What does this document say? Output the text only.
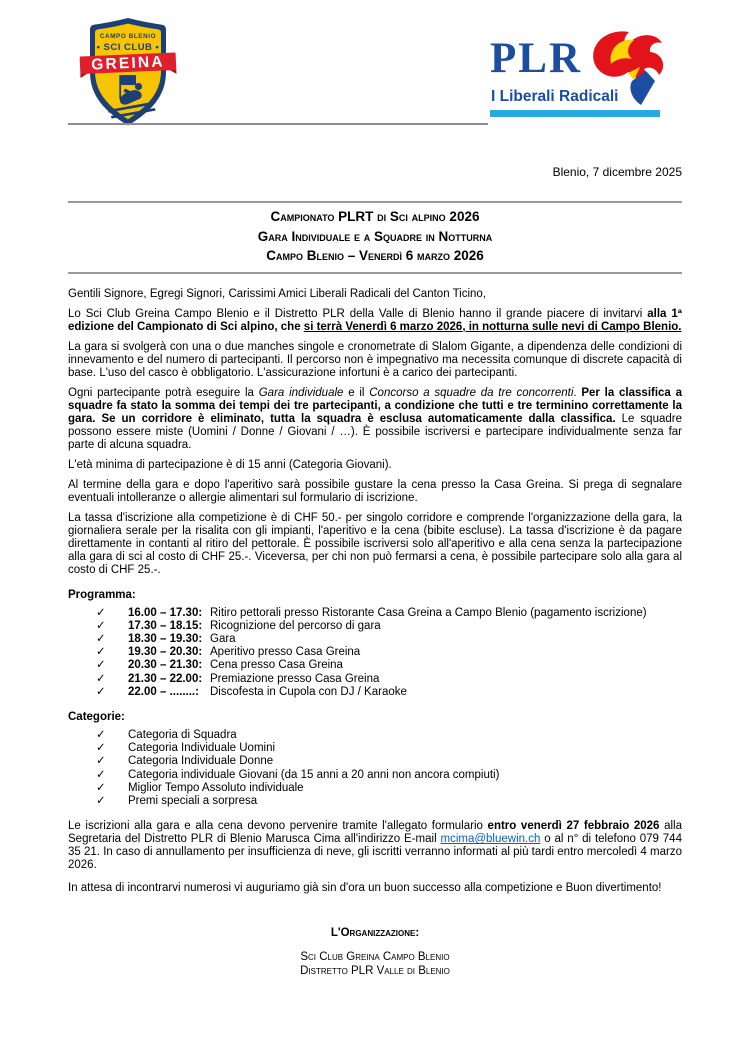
CAMPO BLENIO
• SCI CLUB •
GREINA	PLR
I Liberali Radicali
Blenio, 7 dicembre 2025
Campionato PLRT di Sci alpino 2026
Gara Individuale e a Squadre in Notturna
Campo Blenio – Venerdì 6 marzo 2026

Gentili Signore, Egregi Signori, Carissimi Amici Liberali Radicali del Canton Ticino,

Lo Sci Club Greina Campo Blenio e il Distretto PLR della Valle di Blenio hanno il grande piacere di invitarvi alla 1ª edizione del Campionato di Sci alpino, che si terrà Venerdì 6 marzo 2026, in notturna sulle nevi di Campo Blenio.

La gara si svolgerà con una o due manches singole e cronometrate di Slalom Gigante, a dipendenza delle condizioni di innevamento e del numero di partecipanti. Il percorso non è impegnativo ma necessita comunque di discrete capacità di base. L'uso del casco è obbligatorio. L'assicurazione infortuni è a carico dei partecipanti.

Ogni partecipante potrà eseguire la Gara individuale e il Concorso a squadre da tre concorrenti. Per la classifica a squadre fa stato la somma dei tempi dei tre partecipanti, a condizione che tutti e tre terminino correttamente la gara. Se un corridore è eliminato, tutta la squadra è esclusa automaticamente dalla classifica. Le squadre possono essere miste (Uomini / Donne / Giovani / …). È possibile iscriversi e partecipare individualmente senza far parte di alcuna squadra.

L'età minima di partecipazione è di 15 anni (Categoria Giovani).

Al termine della gara e dopo l'aperitivo sarà possibile gustare la cena presso la Casa Greina. Si prega di segnalare eventuali intolleranze o allergie alimentari sul formulario di iscrizione.

La tassa d'iscrizione alla competizione è di CHF 50.- per singolo corridore e comprende l'organizzazione della gara, la giornaliera serale per la risalita con gli impianti, l'aperitivo e la cena (bibite escluse). La tassa d'iscrizione è da pagare direttamente in contanti al ritiro del pettorale. È possibile iscriversi solo all'aperitivo e alla cena senza la partecipazione alla gara di sci al costo di CHF 25.-. Viceversa, per chi non può fermarsi a cena, è possibile partecipare solo alla gara al costo di CHF 25.-.

Programma:
✓	16.00 – 17.30: Ritiro pettorali presso Ristorante Casa Greina a Campo Blenio (pagamento iscrizione)
✓	17.30 – 18.15: Ricognizione del percorso di gara
✓	18.30 – 19.30: Gara
✓	19.30 – 20.30: Aperitivo presso Casa Greina
✓	20.30 – 21.30: Cena presso Casa Greina
✓	21.30 – 22.00: Premiazione presso Casa Greina
✓	22.00 – ........: Discofesta in Cupola con DJ / Karaoke
Categorie:
✓	Categoria di Squadra
✓	Categoria Individuale Uomini
✓	Categoria Individuale Donne
✓	Categoria individuale Giovani (da 15 anni a 20 anni non ancora compiuti)
✓	Miglior Tempo Assoluto individuale
✓	Premi speciali a sorpresa

Le iscrizioni alla gara e alla cena devono pervenire tramite l'allegato formulario entro venerdì 27 febbraio 2026 alla Segretaria del Distretto PLR di Blenio Marusca Cima all'indirizzo E-mail mcima@bluewin.ch o al n° di telefono 079 744 35 21. In caso di annullamento per insufficienza di neve, gli iscritti verranno informati al più tardi entro mercoledì 4 marzo 2026.

In attesa di incontrarvi numerosi vi auguriamo già sin d'ora un buon successo alla competizione e Buon divertimento!

L'Organizzazione:
Sci Club Greina Campo Blenio
Distretto PLR Valle di Blenio
